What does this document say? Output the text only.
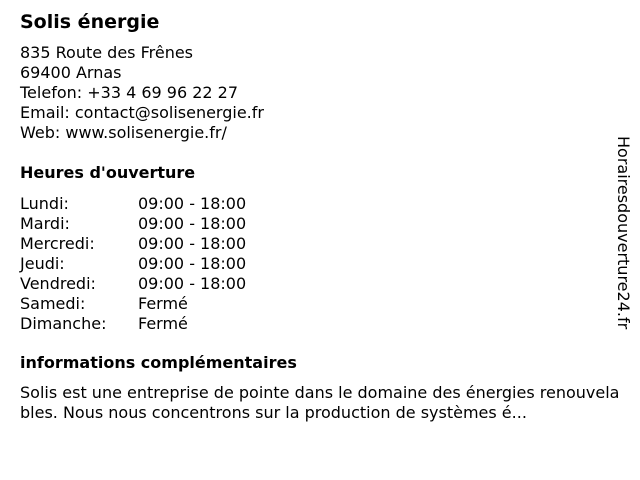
Solis énergie
835 Route des Frênes
69400 Arnas
Telefon: +33 4 69 96 22 27
Email: contact@solisenergie.fr
Web: www.solisenergie.fr/
Heures d'ouverture
Lundi:	09:00 - 18:00
Mardi:	09:00 - 18:00
Mercredi:	09:00 - 18:00
Jeudi:	09:00 - 18:00
Vendredi:	09:00 - 18:00
Samedi:	Fermé
Dimanche: Fermé
informations complémentaires
Solis est une entreprise de pointe dans le domaine des énergies renouvelables. Nous nous concentrons sur la production de systèmes é...
Horairesdouverture24.fr
